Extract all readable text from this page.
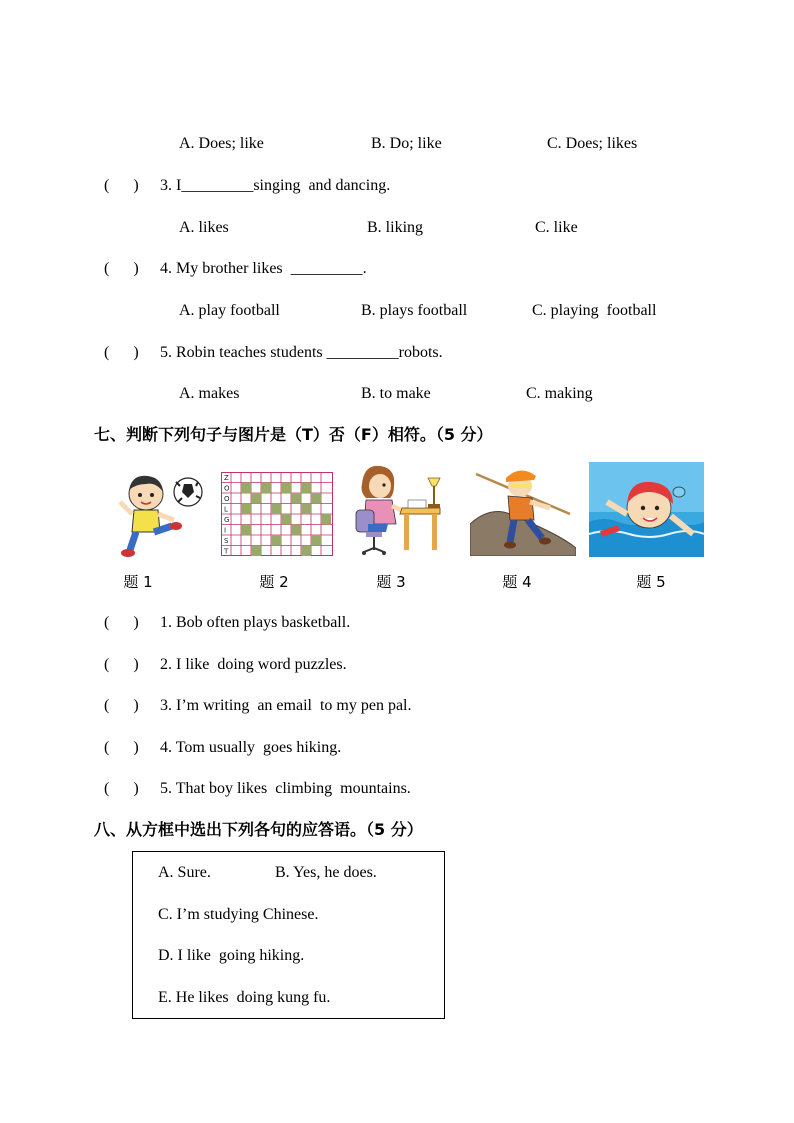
A. Does; like	B. Do; like	C. Does; likes
(      ) 3. I_________singing  and dancing.
A. likes	B. liking	C. like
(      ) 4. My brother likes  _________.
A. play football	B. plays football	C. playing  football
(      ) 5. Robin teaches students _________robots.
A. makes	B. to make	C. making
七、判断下列句子与图片是（T）否（F）相符。（5 分）
Z
O
O
L
G
I
S
T
题 1	题 2	题 3	题 4	题 5
(      ) 1. Bob often plays basketball.
(      ) 2. I like  doing word puzzles.
(      ) 3. I’m writing  an email  to my pen pal.
(      ) 4. Tom usually  goes hiking.
(      ) 5. That boy likes  climbing  mountains.
八、从方框中选出下列各句的应答语。（5 分）
A. Sure.	B. Yes, he does.
C. I’m studying Chinese.
D. I like  going hiking.
E. He likes  doing kung fu.
